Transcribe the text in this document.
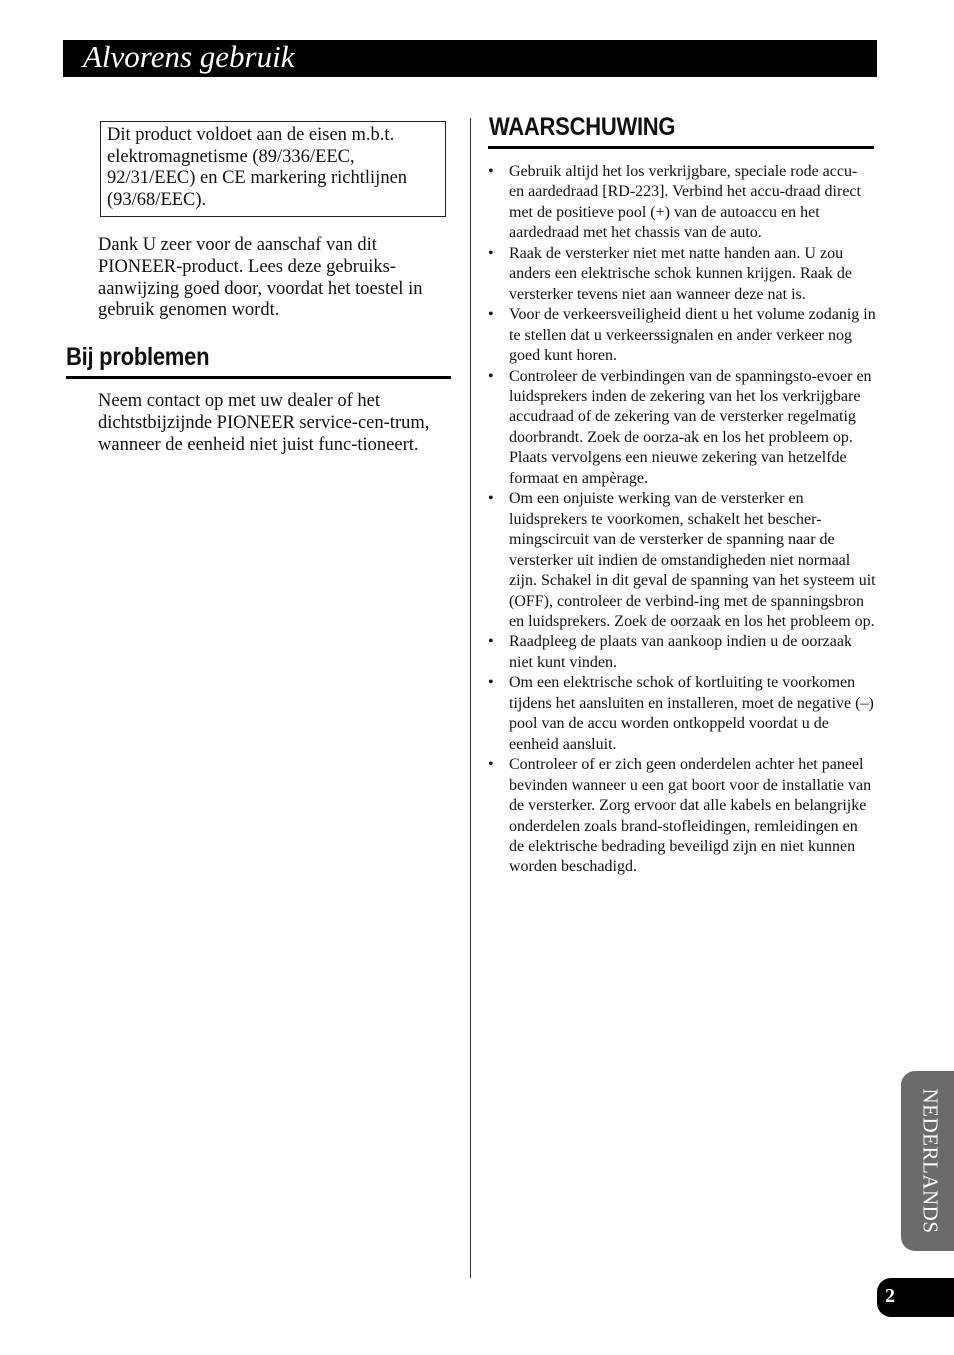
Alvorens gebruik
Dit product voldoet aan de eisen m.b.t. elektromagnetisme (89/336/EEC, 92/31/EEC) en CE markering richtlijnen (93/68/EEC).
Dank U zeer voor de aanschaf van dit PIONEER-product. Lees deze gebruiks-aanwijzing goed door, voordat het toestel in gebruik genomen wordt.
Bij problemen
Neem contact op met uw dealer of het dichtstbijzijnde PIONEER service-cen-trum, wanneer de eenheid niet juist func-tioneert.
WAARSCHUWING
• Gebruik altijd het los verkrijgbare, speciale rode accu- en aardedraad [RD-223]. Verbind het accu-draad direct met de positieve pool (+) van de autoaccu en het aardedraad met het chassis van de auto.
• Raak de versterker niet met natte handen aan. U zou anders een elektrische schok kunnen krijgen. Raak de versterker tevens niet aan wanneer deze nat is.
• Voor de verkeersveiligheid dient u het volume zodanig in te stellen dat u verkeerssignalen en ander verkeer nog goed kunt horen.
• Controleer de verbindingen van de spanningsto-evoer en luidsprekers inden de zekering van het los verkrijgbare accudraad of de zekering van de versterker regelmatig doorbrandt. Zoek de oorza-ak en los het probleem op. Plaats vervolgens een nieuwe zekering van hetzelfde formaat en ampèrage.
• Om een onjuiste werking van de versterker en luidsprekers te voorkomen, schakelt het bescher-mingscircuit van de versterker de spanning naar de versterker uit indien de omstandigheden niet normaal zijn. Schakel in dit geval de spanning van het systeem uit (OFF), controleer de verbind-ing met de spanningsbron en luidsprekers. Zoek de oorzaak en los het probleem op.
• Raadpleeg de plaats van aankoop indien u de oorzaak niet kunt vinden.
• Om een elektrische schok of kortluiting te voorkomen tijdens het aansluiten en installeren, moet de negative (–) pool van de accu worden ontkoppeld voordat u de eenheid aansluit.
• Controleer of er zich geen onderdelen achter het paneel bevinden wanneer u een gat boort voor de installatie van de versterker. Zorg ervoor dat alle kabels en belangrijke onderdelen zoals brand-stofleidingen, remleidingen en de elektrische bedrading beveiligd zijn en niet kunnen worden beschadigd.
NEDERLANDS
2
